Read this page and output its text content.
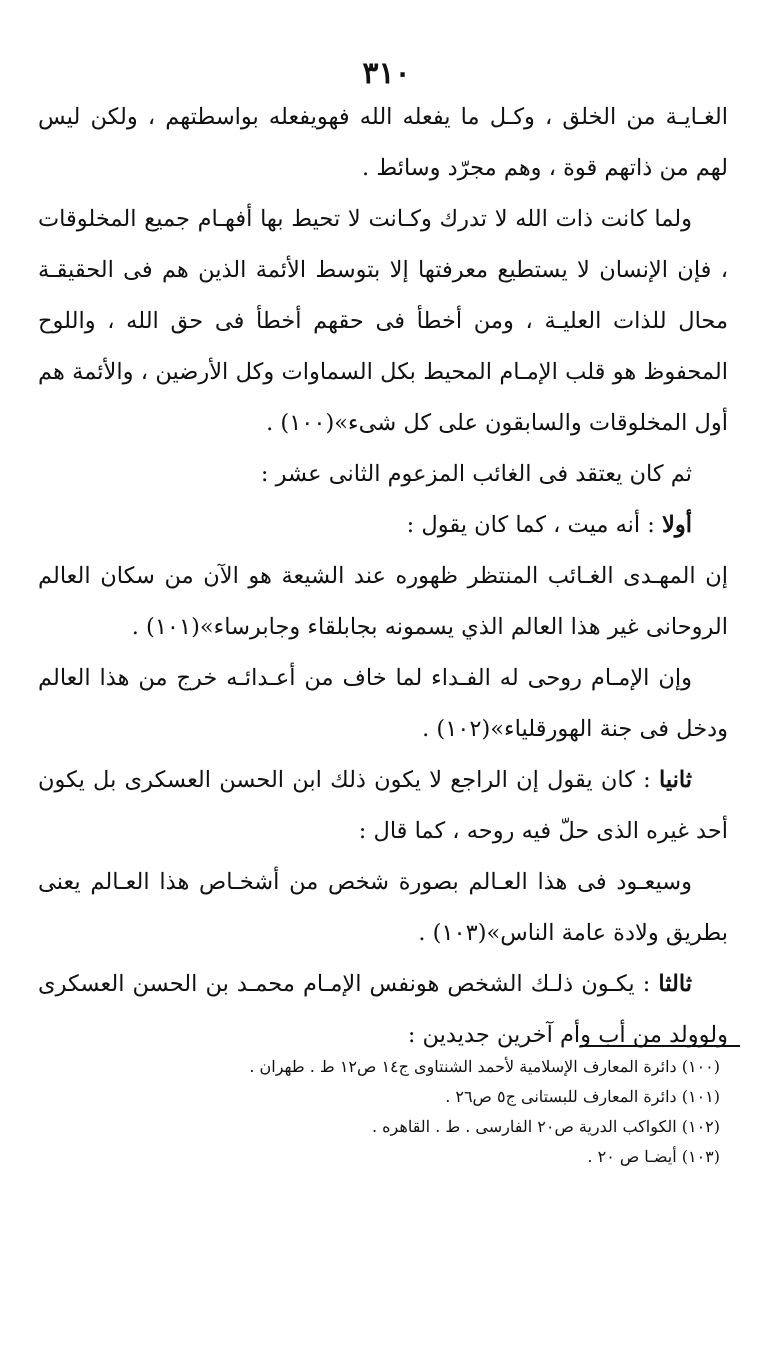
٣١٠

الغـايـة من الخلق ، وكـل ما يفعله الله فهويفعله بواسطتهم ، ولكن ليس لهم من ذاتهم قوة ، وهم مجرّد وسائط .

ولما كانت ذات الله لا تدرك وكـانت لا تحيط بها أفهـام جميع المخلوقات ، فإن الإنسان لا يستطيع معرفتها إلا بتوسط الأئمة الذين هم فى الحقيقـة محال للذات العليـة ، ومن أخطأ فى حقهم أخطأ فى حق الله ، واللوح المحفوظ هو قلب الإمـام المحيط بكل السماوات وكل الأرضين ، والأئمة هم أول المخلوقات والسابقون على كل شىء»(١٠٠) .

ثم كان يعتقد فى الغائب المزعوم الثانى عشر :

أولا : أنه ميت ، كما كان يقول :

إن المهـدى الغـائب المنتظر ظهوره عند الشيعة هو الآن من سكان العالم الروحانى غير هذا العالم الذي يسمونه بجابلقاء وجابرساء»(١٠١) .

وإن الإمـام روحى له الفـداء لما خاف من أعـدائـه خرج من هذا العالم ودخل فى جنة الهورقلياء»(١٠٢) .

ثانيا : كان يقول إن الراجع لا يكون ذلك ابن الحسن العسكرى بل يكون أحد غيره الذى حلّ فيه روحه ، كما قال :

وسيعـود فى هذا العـالم بصورة شخص من أشخـاص هذا العـالم يعنى بطريق ولادة عامة الناس»(١٠٣) .

ثالثا : يكـون ذلـك الشخص هونفس الإمـام محمـد بن الحسن العسكرى ولوولد من أب وأم آخرين جديدين :

(١٠٠) دائرة المعارف الإسلامية لأحمد الشنتاوى ج١٤ ص١٢ ط . طهران .

(١٠١) دائرة المعارف للبستانى ج٥ ص٢٦ .

(١٠٢) الكواكب الدرية ص٢٠ الفارسى . ط . القاهره .

(١٠٣) أيضـا ص ٢٠ .
